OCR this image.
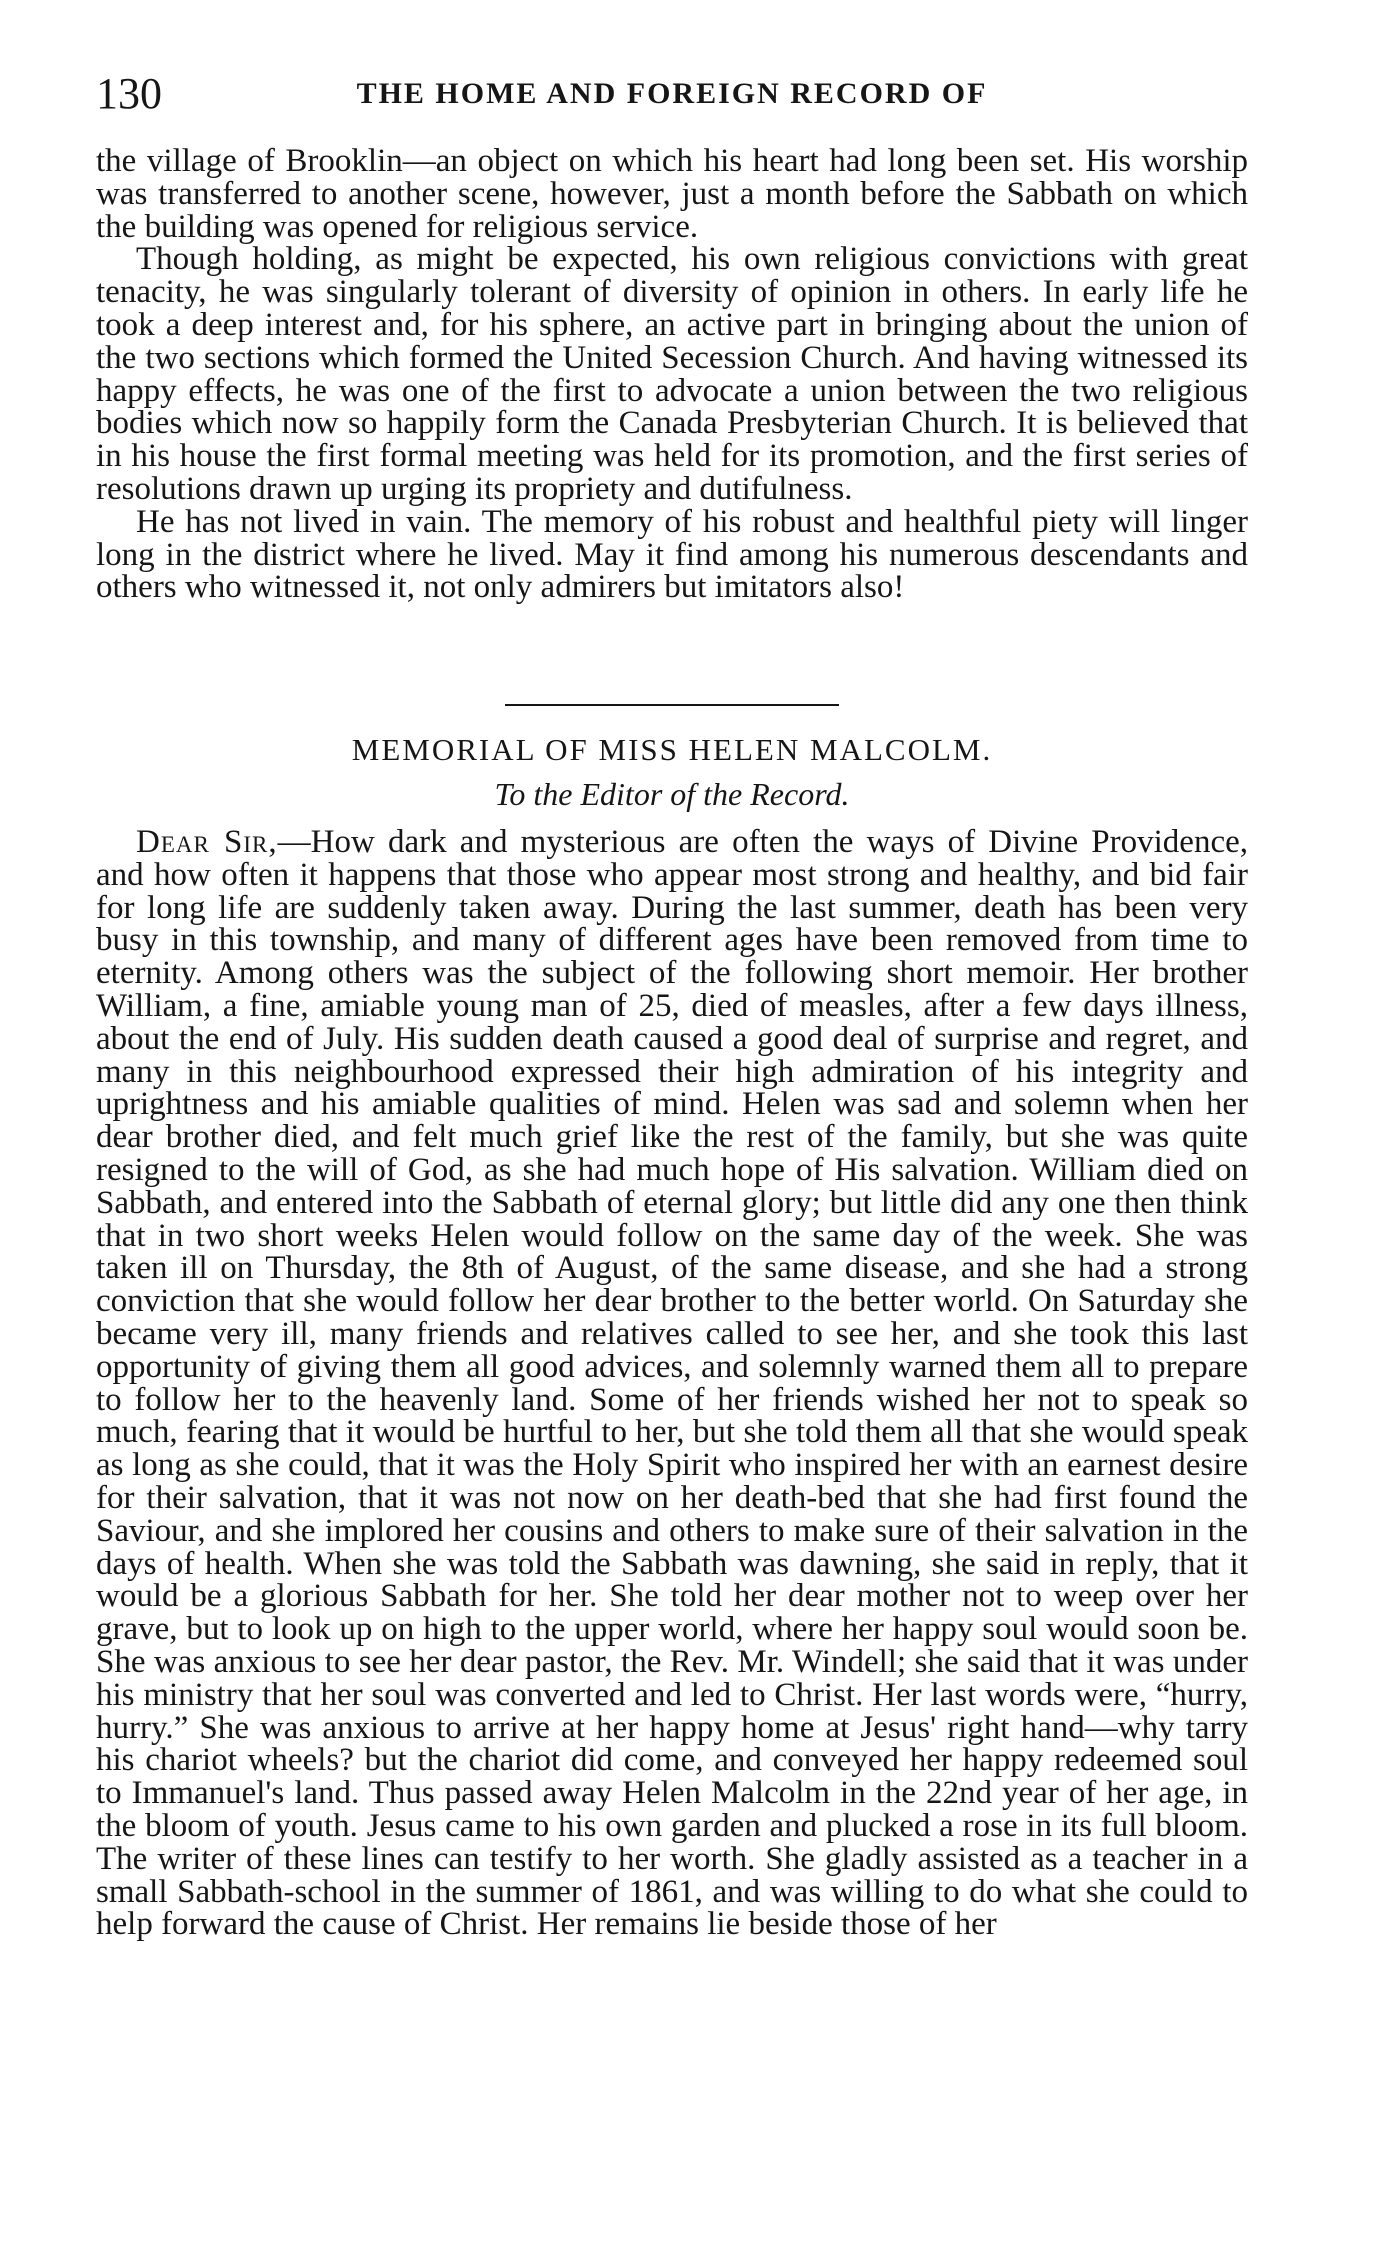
130	THE HOME AND FOREIGN RECORD OF

the village of Brooklin—an object on which his heart had long been set. His worship was transferred to another scene, however, just a month before the Sabbath on which the building was opened for religious service.

Though holding, as might be expected, his own religious convictions with great tenacity, he was singularly tolerant of diversity of opinion in others. In early life he took a deep interest and, for his sphere, an active part in bringing about the union of the two sections which formed the United Secession Church. And having witnessed its happy effects, he was one of the first to advocate a union between the two religious bodies which now so happily form the Canada Presbyterian Church. It is believed that in his house the first formal meeting was held for its promotion, and the first series of resolutions drawn up urging its propriety and dutifulness.

He has not lived in vain. The memory of his robust and healthful piety will linger long in the district where he lived. May it find among his numerous descendants and others who witnessed it, not only admirers but imitators also!

MEMORIAL OF MISS HELEN MALCOLM.
To the Editor of the Record.

Dear Sir,—How dark and mysterious are often the ways of Divine Providence, and how often it happens that those who appear most strong and healthy, and bid fair for long life are suddenly taken away. During the last summer, death has been very busy in this township, and many of different ages have been removed from time to eternity. Among others was the subject of the following short memoir. Her brother William, a fine, amiable young man of 25, died of measles, after a few days illness, about the end of July. His sudden death caused a good deal of surprise and regret, and many in this neighbourhood expressed their high admiration of his integrity and uprightness and his amiable qualities of mind. Helen was sad and solemn when her dear brother died, and felt much grief like the rest of the family, but she was quite resigned to the will of God, as she had much hope of His salvation. William died on Sabbath, and entered into the Sabbath of eternal glory; but little did any one then think that in two short weeks Helen would follow on the same day of the week. She was taken ill on Thursday, the 8th of August, of the same disease, and she had a strong conviction that she would follow her dear brother to the better world. On Saturday she became very ill, many friends and relatives called to see her, and she took this last opportunity of giving them all good advices, and solemnly warned them all to prepare to follow her to the heavenly land. Some of her friends wished her not to speak so much, fearing that it would be hurtful to her, but she told them all that she would speak as long as she could, that it was the Holy Spirit who inspired her with an earnest desire for their salvation, that it was not now on her death-bed that she had first found the Saviour, and she implored her cousins and others to make sure of their salvation in the days of health. When she was told the Sabbath was dawning, she said in reply, that it would be a glorious Sabbath for her. She told her dear mother not to weep over her grave, but to look up on high to the upper world, where her happy soul would soon be. She was anxious to see her dear pastor, the Rev. Mr. Windell; she said that it was under his ministry that her soul was converted and led to Christ. Her last words were, “hurry, hurry.” She was anxious to arrive at her happy home at Jesus' right hand—why tarry his chariot wheels? but the chariot did come, and conveyed her happy redeemed soul to Immanuel's land. Thus passed away Helen Malcolm in the 22nd year of her age, in the bloom of youth. Jesus came to his own garden and plucked a rose in its full bloom. The writer of these lines can testify to her worth. She gladly assisted as a teacher in a small Sabbath-school in the summer of 1861, and was willing to do what she could to help forward the cause of Christ. Her remains lie beside those of her
